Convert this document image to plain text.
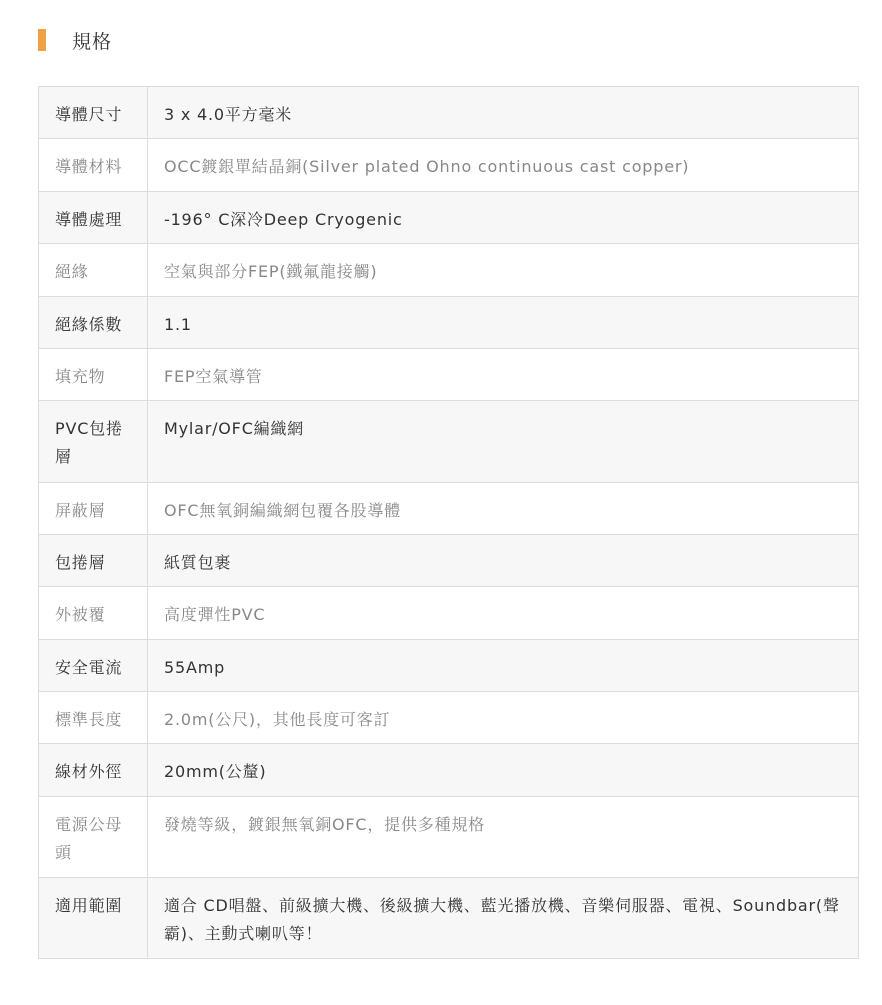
規格
導體尺寸	3 x 4.0平方毫米
導體材料	OCC鍍銀單結晶銅(Silver plated Ohno continuous cast copper)
導體處理	-196° C深冷Deep Cryogenic
絕緣	空氣與部分FEP(鐵氟龍接觸)
絕緣係數	1.1
填充物	FEP空氣導管
PVC包捲層	Mylar/OFC編織網
屏蔽層	OFC無氧銅編織網包覆各股導體
包捲層	紙質包裹
外被覆	高度彈性PVC
安全電流	55Amp
標準長度	2.0m(公尺)，其他長度可客訂
線材外徑	20mm(公釐)
電源公母頭	發燒等級，鍍銀無氧銅OFC，提供多種規格
適用範圍	適合 CD唱盤、前級擴大機、後級擴大機、藍光播放機、音樂伺服器、電視、Soundbar(聲霸)、主動式喇叭等！
